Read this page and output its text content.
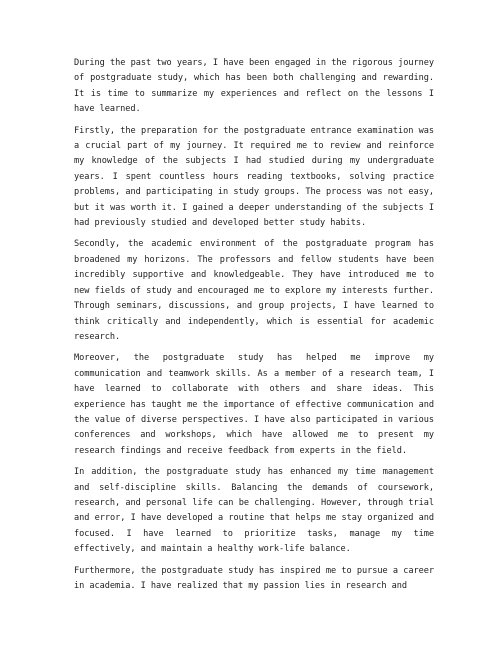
During the past two years, I have been engaged in the rigorous journey of postgraduate study, which has been both challenging and rewarding. It is time to summarize my experiences and reflect on the lessons I have learned.

Firstly, the preparation for the postgraduate entrance examination was a crucial part of my journey. It required me to review and reinforce my knowledge of the subjects I had studied during my undergraduate years. I spent countless hours reading textbooks, solving practice problems, and participating in study groups. The process was not easy, but it was worth it. I gained a deeper understanding of the subjects I had previously studied and developed better study habits.

Secondly, the academic environment of the postgraduate program has broadened my horizons. The professors and fellow students have been incredibly supportive and knowledgeable. They have introduced me to new fields of study and encouraged me to explore my interests further. Through seminars, discussions, and group projects, I have learned to think critically and independently, which is essential for academic research.

Moreover, the postgraduate study has helped me improve my communication and teamwork skills. As a member of a research team, I have learned to collaborate with others and share ideas. This experience has taught me the importance of effective communication and the value of diverse perspectives. I have also participated in various conferences and workshops, which have allowed me to present my research findings and receive feedback from experts in the field.

In addition, the postgraduate study has enhanced my time management and self-discipline skills. Balancing the demands of coursework, research, and personal life can be challenging. However, through trial and error, I have developed a routine that helps me stay organized and focused. I have learned to prioritize tasks, manage my time effectively, and maintain a healthy work-life balance.

Furthermore, the postgraduate study has inspired me to pursue a career in academia. I have realized that my passion lies in research and
